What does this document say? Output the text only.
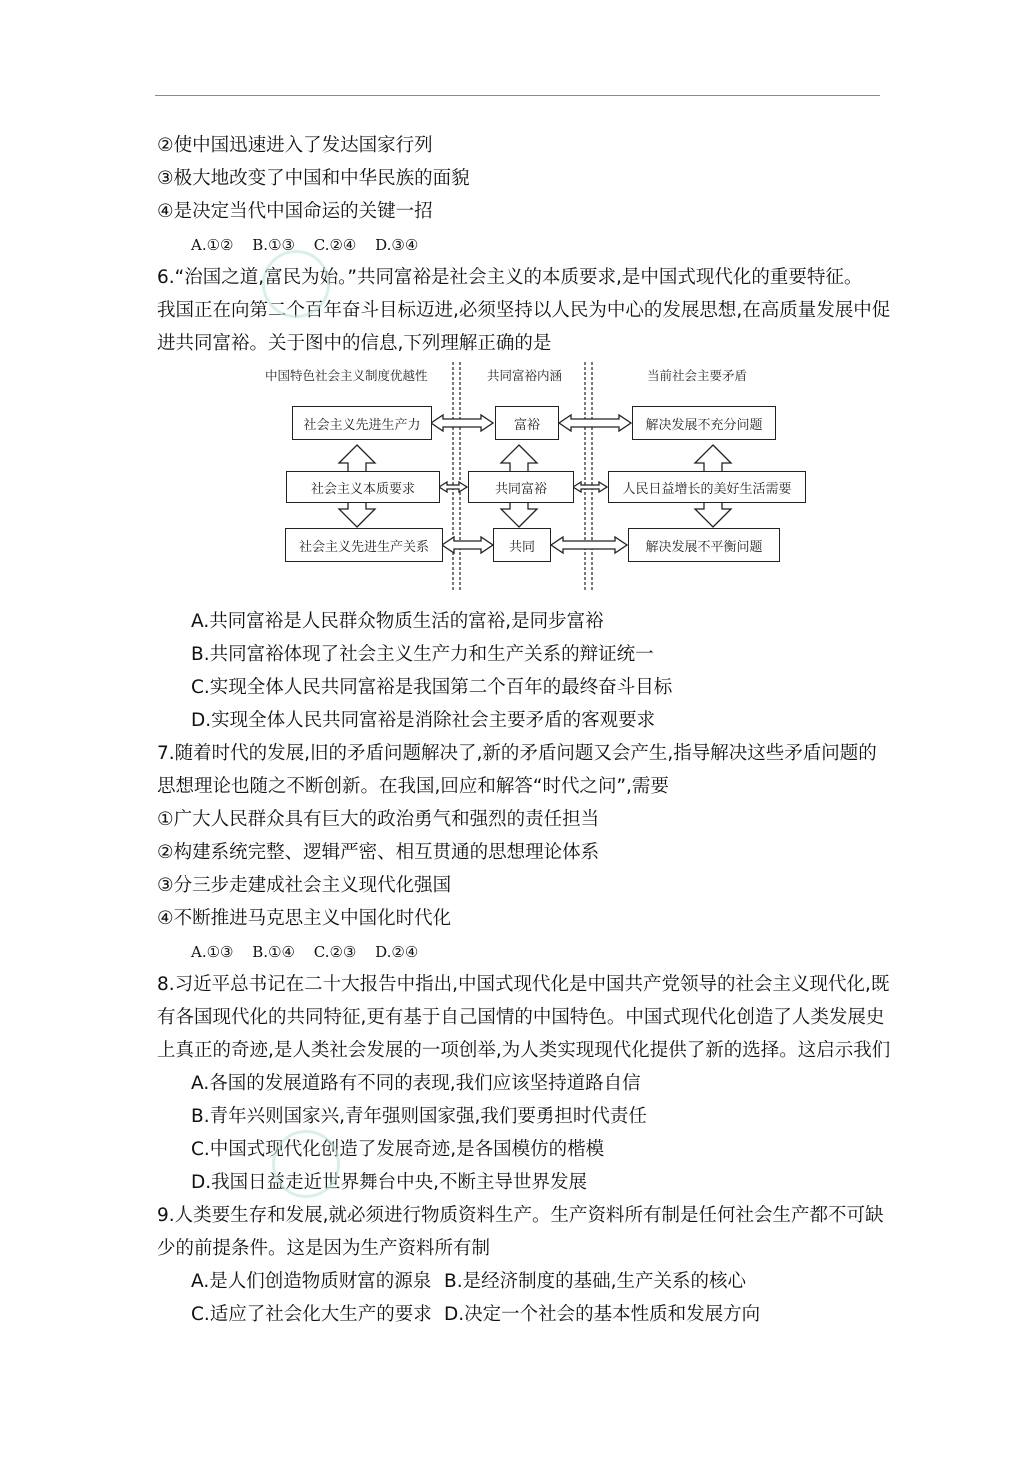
②使中国迅速进入了发达国家行列
③极大地改变了中国和中华民族的面貌
④是决定当代中国命运的关键一招
A.①② B.①③ C.②④ D.③④
6.“治国之道,富民为始。”共同富裕是社会主义的本质要求,是中国式现代化的重要特征。
我国正在向第二个百年奋斗目标迈进,必须坚持以人民为中心的发展思想,在高质量发展中促
进共同富裕。关于图中的信息,下列理解正确的是
中国特色社会主义制度优越性	共同富裕内涵	当前社会主要矛盾
社会主义先进生产力
社会主义本质要求
社会主义先进生产关系
富裕
共同富裕
共同
解决发展不充分问题
人民日益增长的美好生活需要
解决发展不平衡问题
A.共同富裕是人民群众物质生活的富裕,是同步富裕
B.共同富裕体现了社会主义生产力和生产关系的辩证统一
C.实现全体人民共同富裕是我国第二个百年的最终奋斗目标
D.实现全体人民共同富裕是消除社会主要矛盾的客观要求
7.随着时代的发展,旧的矛盾问题解决了,新的矛盾问题又会产生,指导解决这些矛盾问题的
思想理论也随之不断创新。在我国,回应和解答“时代之问”,需要
①广大人民群众具有巨大的政治勇气和强烈的责任担当
②构建系统完整、逻辑严密、相互贯通的思想理论体系
③分三步走建成社会主义现代化强国
④不断推进马克思主义中国化时代化
A.①③ B.①④ C.②③ D.②④
8.习近平总书记在二十大报告中指出,中国式现代化是中国共产党领导的社会主义现代化,既
有各国现代化的共同特征,更有基于自己国情的中国特色。中国式现代化创造了人类发展史
上真正的奇迹,是人类社会发展的一项创举,为人类实现现代化提供了新的选择。这启示我们
A.各国的发展道路有不同的表现,我们应该坚持道路自信
B.青年兴则国家兴,青年强则国家强,我们要勇担时代责任
C.中国式现代化创造了发展奇迹,是各国模仿的楷模
D.我国日益走近世界舞台中央,不断主导世界发展
9.人类要生存和发展,就必须进行物质资料生产。生产资料所有制是任何社会生产都不可缺
少的前提条件。这是因为生产资料所有制
A.是人们创造物质财富的源泉 B.是经济制度的基础,生产关系的核心
C.适应了社会化大生产的要求 D.决定一个社会的基本性质和发展方向
